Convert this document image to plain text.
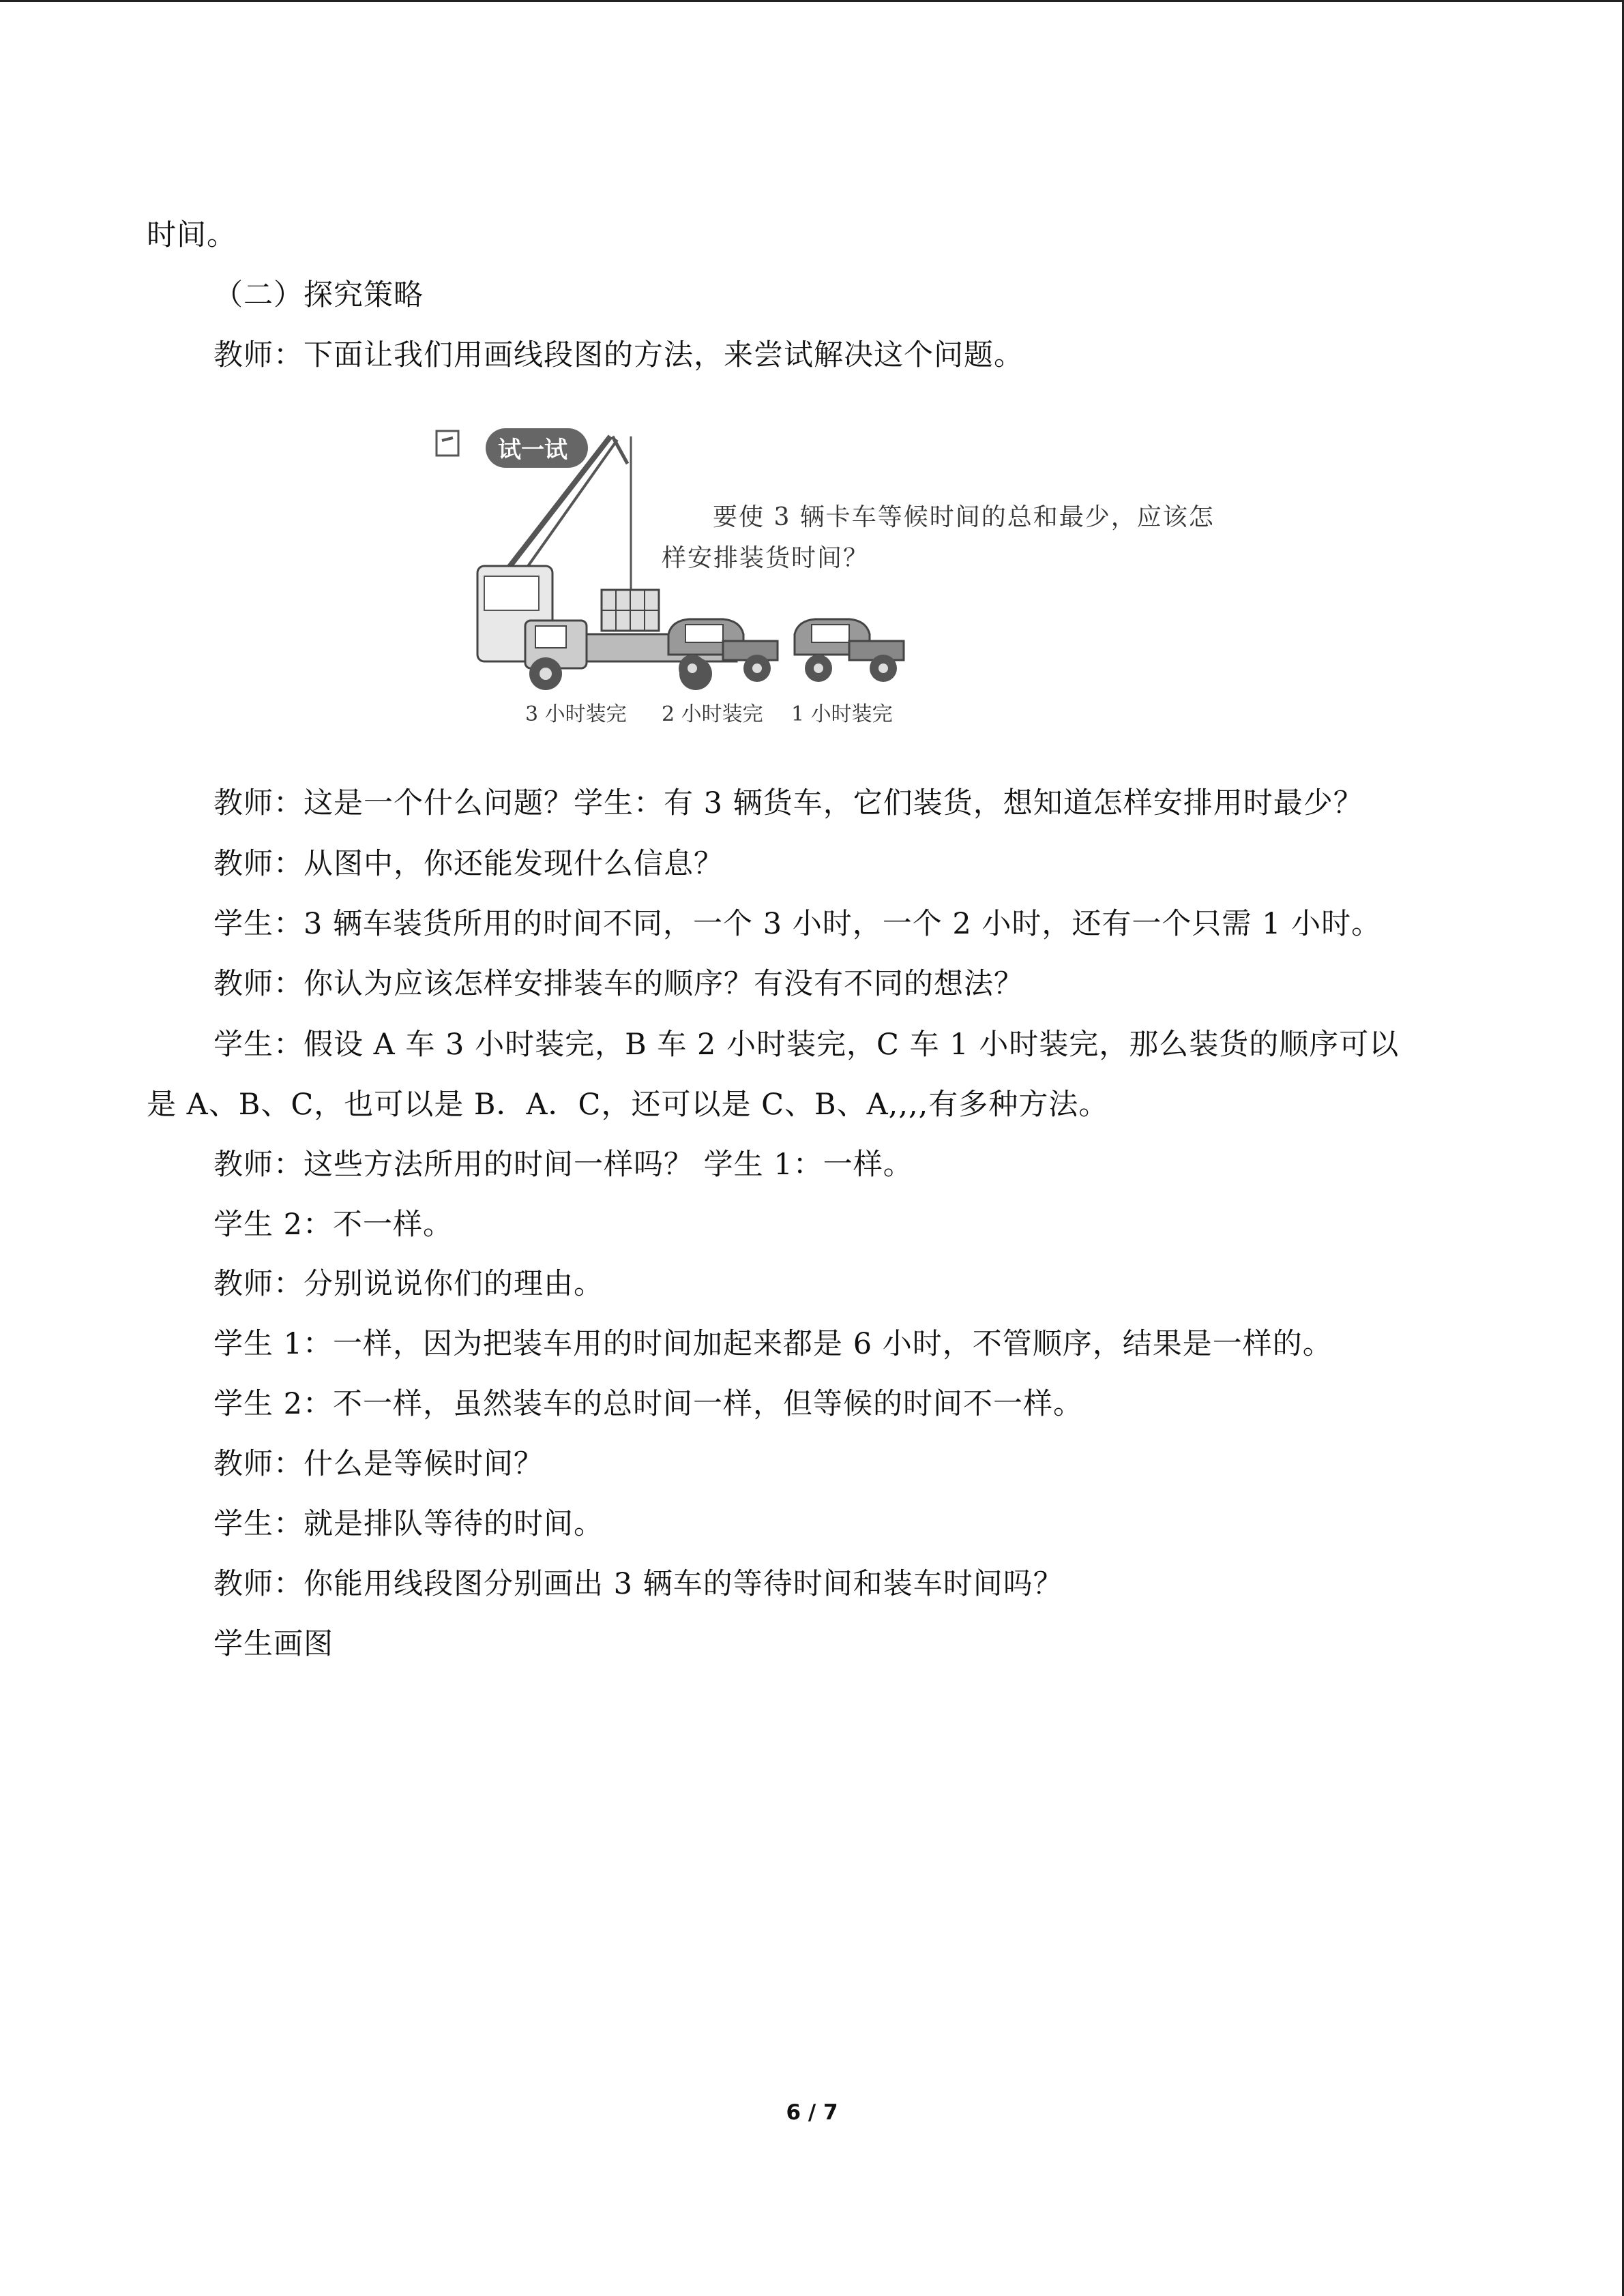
时间。
（二）探究策略
教师：下面让我们用画线段图的方法，来尝试解决这个问题。
试一试
要使 3 辆卡车等候时间的总和最少，应该怎
样安排装货时间？
3 小时装完 2 小时装完 1 小时装完
教师：这是一个什么问题？学生：有 3 辆货车，它们装货，想知道怎样安排用时最少？
教师：从图中，你还能发现什么信息？
学生：3 辆车装货所用的时间不同，一个 3 小时，一个 2 小时，还有一个只需 1 小时。
教师：你认为应该怎样安排装车的顺序？有没有不同的想法？
学生：假设 A 车 3 小时装完，B 车 2 小时装完，C 车 1 小时装完，那么装货的顺序可以
是 A、B、C，也可以是 B．A．C，还可以是 C、B、A,,,,有多种方法。
教师：这些方法所用的时间一样吗？ 学生 1：一样。
学生 2：不一样。
教师：分别说说你们的理由。
学生 1：一样，因为把装车用的时间加起来都是 6 小时，不管顺序，结果是一样的。
学生 2：不一样，虽然装车的总时间一样，但等候的时间不一样。
教师：什么是等候时间？
学生：就是排队等待的时间。
教师：你能用线段图分别画出 3 辆车的等待时间和装车时间吗？
学生画图
6 / 7
